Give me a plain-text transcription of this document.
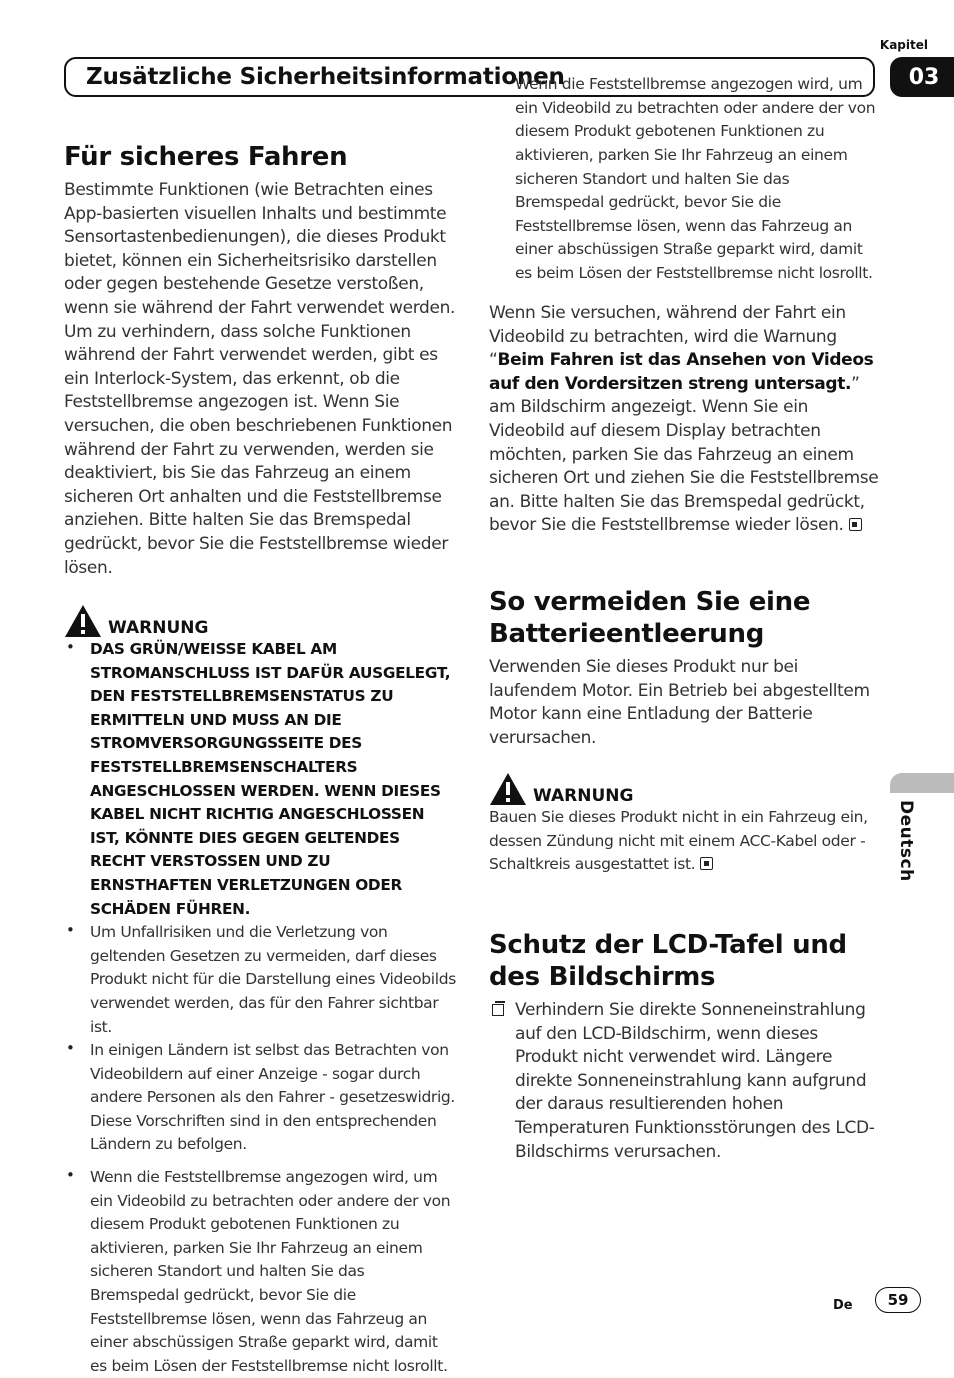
Kapitel
03
Zusätzliche Sicherheitsinformationen
Für sicheres Fahren

Bestimmte Funktionen (wie Betrachten eines App-basierten visuellen Inhalts und bestimmte Sensortastenbedienungen), die dieses Produkt bietet, können ein Sicherheitsrisiko darstellen oder gegen bestehende Gesetze verstoßen, wenn sie während der Fahrt verwendet werden. Um zu verhindern, dass solche Funktionen während der Fahrt verwendet werden, gibt es ein Interlock-System, das erkennt, ob die Feststellbremse angezogen ist. Wenn Sie versuchen, die oben beschriebenen Funktionen während der Fahrt zu verwenden, werden sie deaktiviert, bis Sie das Fahrzeug an einem sicheren Ort anhalten und die Feststellbremse anziehen. Bitte halten Sie das Bremspedal gedrückt, bevor Sie die Feststellbremse wieder lösen.

WARNUNG
• DAS GRÜN/WEISSE KABEL AM STROMANSCHLUSS IST DAFÜR AUSGELEGT, DEN FESTSTELLBREMSENSTATUS ZU ERMITTELN UND MUSS AN DIE STROMVERSORGUNGSSEITE DES FESTSTELLBREMSENSCHALTERS ANGESCHLOSSEN WERDEN. WENN DIESES KABEL NICHT RICHTIG ANGESCHLOSSEN IST, KÖNNTE DIES GEGEN GELTENDES RECHT VERSTOSSEN UND ZU ERNSTHAFTEN VERLETZUNGEN ODER SCHÄDEN FÜHREN.
• Um Unfallrisiken und die Verletzung von geltenden Gesetzen zu vermeiden, darf dieses Produkt nicht für die Darstellung eines Videobilds verwendet werden, das für den Fahrer sichtbar ist.
• In einigen Ländern ist selbst das Betrachten von Videobildern auf einer Anzeige - sogar durch andere Personen als den Fahrer - gesetzeswidrig. Diese Vorschriften sind in den entsprechenden Ländern zu befolgen.
• Wenn die Feststellbremse angezogen wird, um ein Videobild zu betrachten oder andere der von diesem Produkt gebotenen Funktionen zu aktivieren, parken Sie Ihr Fahrzeug an einem sicheren Standort und halten Sie das Bremspedal gedrückt, bevor Sie die Feststellbremse lösen, wenn das Fahrzeug an einer abschüssigen Straße geparkt wird, damit es beim Lösen der Feststellbremse nicht losrollt.
Wenn die Feststellbremse angezogen wird, um ein Videobild zu betrachten oder andere der von diesem Produkt gebotenen Funktionen zu aktivieren, parken Sie Ihr Fahrzeug an einem sicheren Standort und halten Sie das Bremspedal gedrückt, bevor Sie die Feststellbremse lösen, wenn das Fahrzeug an einer abschüssigen Straße geparkt wird, damit es beim Lösen der Feststellbremse nicht losrollt.

Wenn Sie versuchen, während der Fahrt ein Videobild zu betrachten, wird die Warnung “Beim Fahren ist das Ansehen von Videos auf den Vordersitzen streng untersagt.” am Bildschirm angezeigt. Wenn Sie ein Videobild auf diesem Display betrachten möchten, parken Sie das Fahrzeug an einem sicheren Ort und ziehen Sie die Feststellbremse an. Bitte halten Sie das Bremspedal gedrückt, bevor Sie die Feststellbremse wieder lösen.

So vermeiden Sie eine Batterieentleerung

Verwenden Sie dieses Produkt nur bei laufendem Motor. Ein Betrieb bei abgestelltem Motor kann eine Entladung der Batterie verursachen.

WARNUNG

Bauen Sie dieses Produkt nicht in ein Fahrzeug ein, dessen Zündung nicht mit einem ACC-Kabel oder -Schaltkreis ausgestattet ist.

Schutz der LCD-Tafel und des Bildschirms

Verhindern Sie direkte Sonneneinstrahlung auf den LCD-Bildschirm, wenn dieses Produkt nicht verwendet wird. Längere direkte Sonneneinstrahlung kann aufgrund der daraus resultierenden hohen Temperaturen Funktionsstörungen des LCD-Bildschirms verursachen.

Deutsch
De	59
